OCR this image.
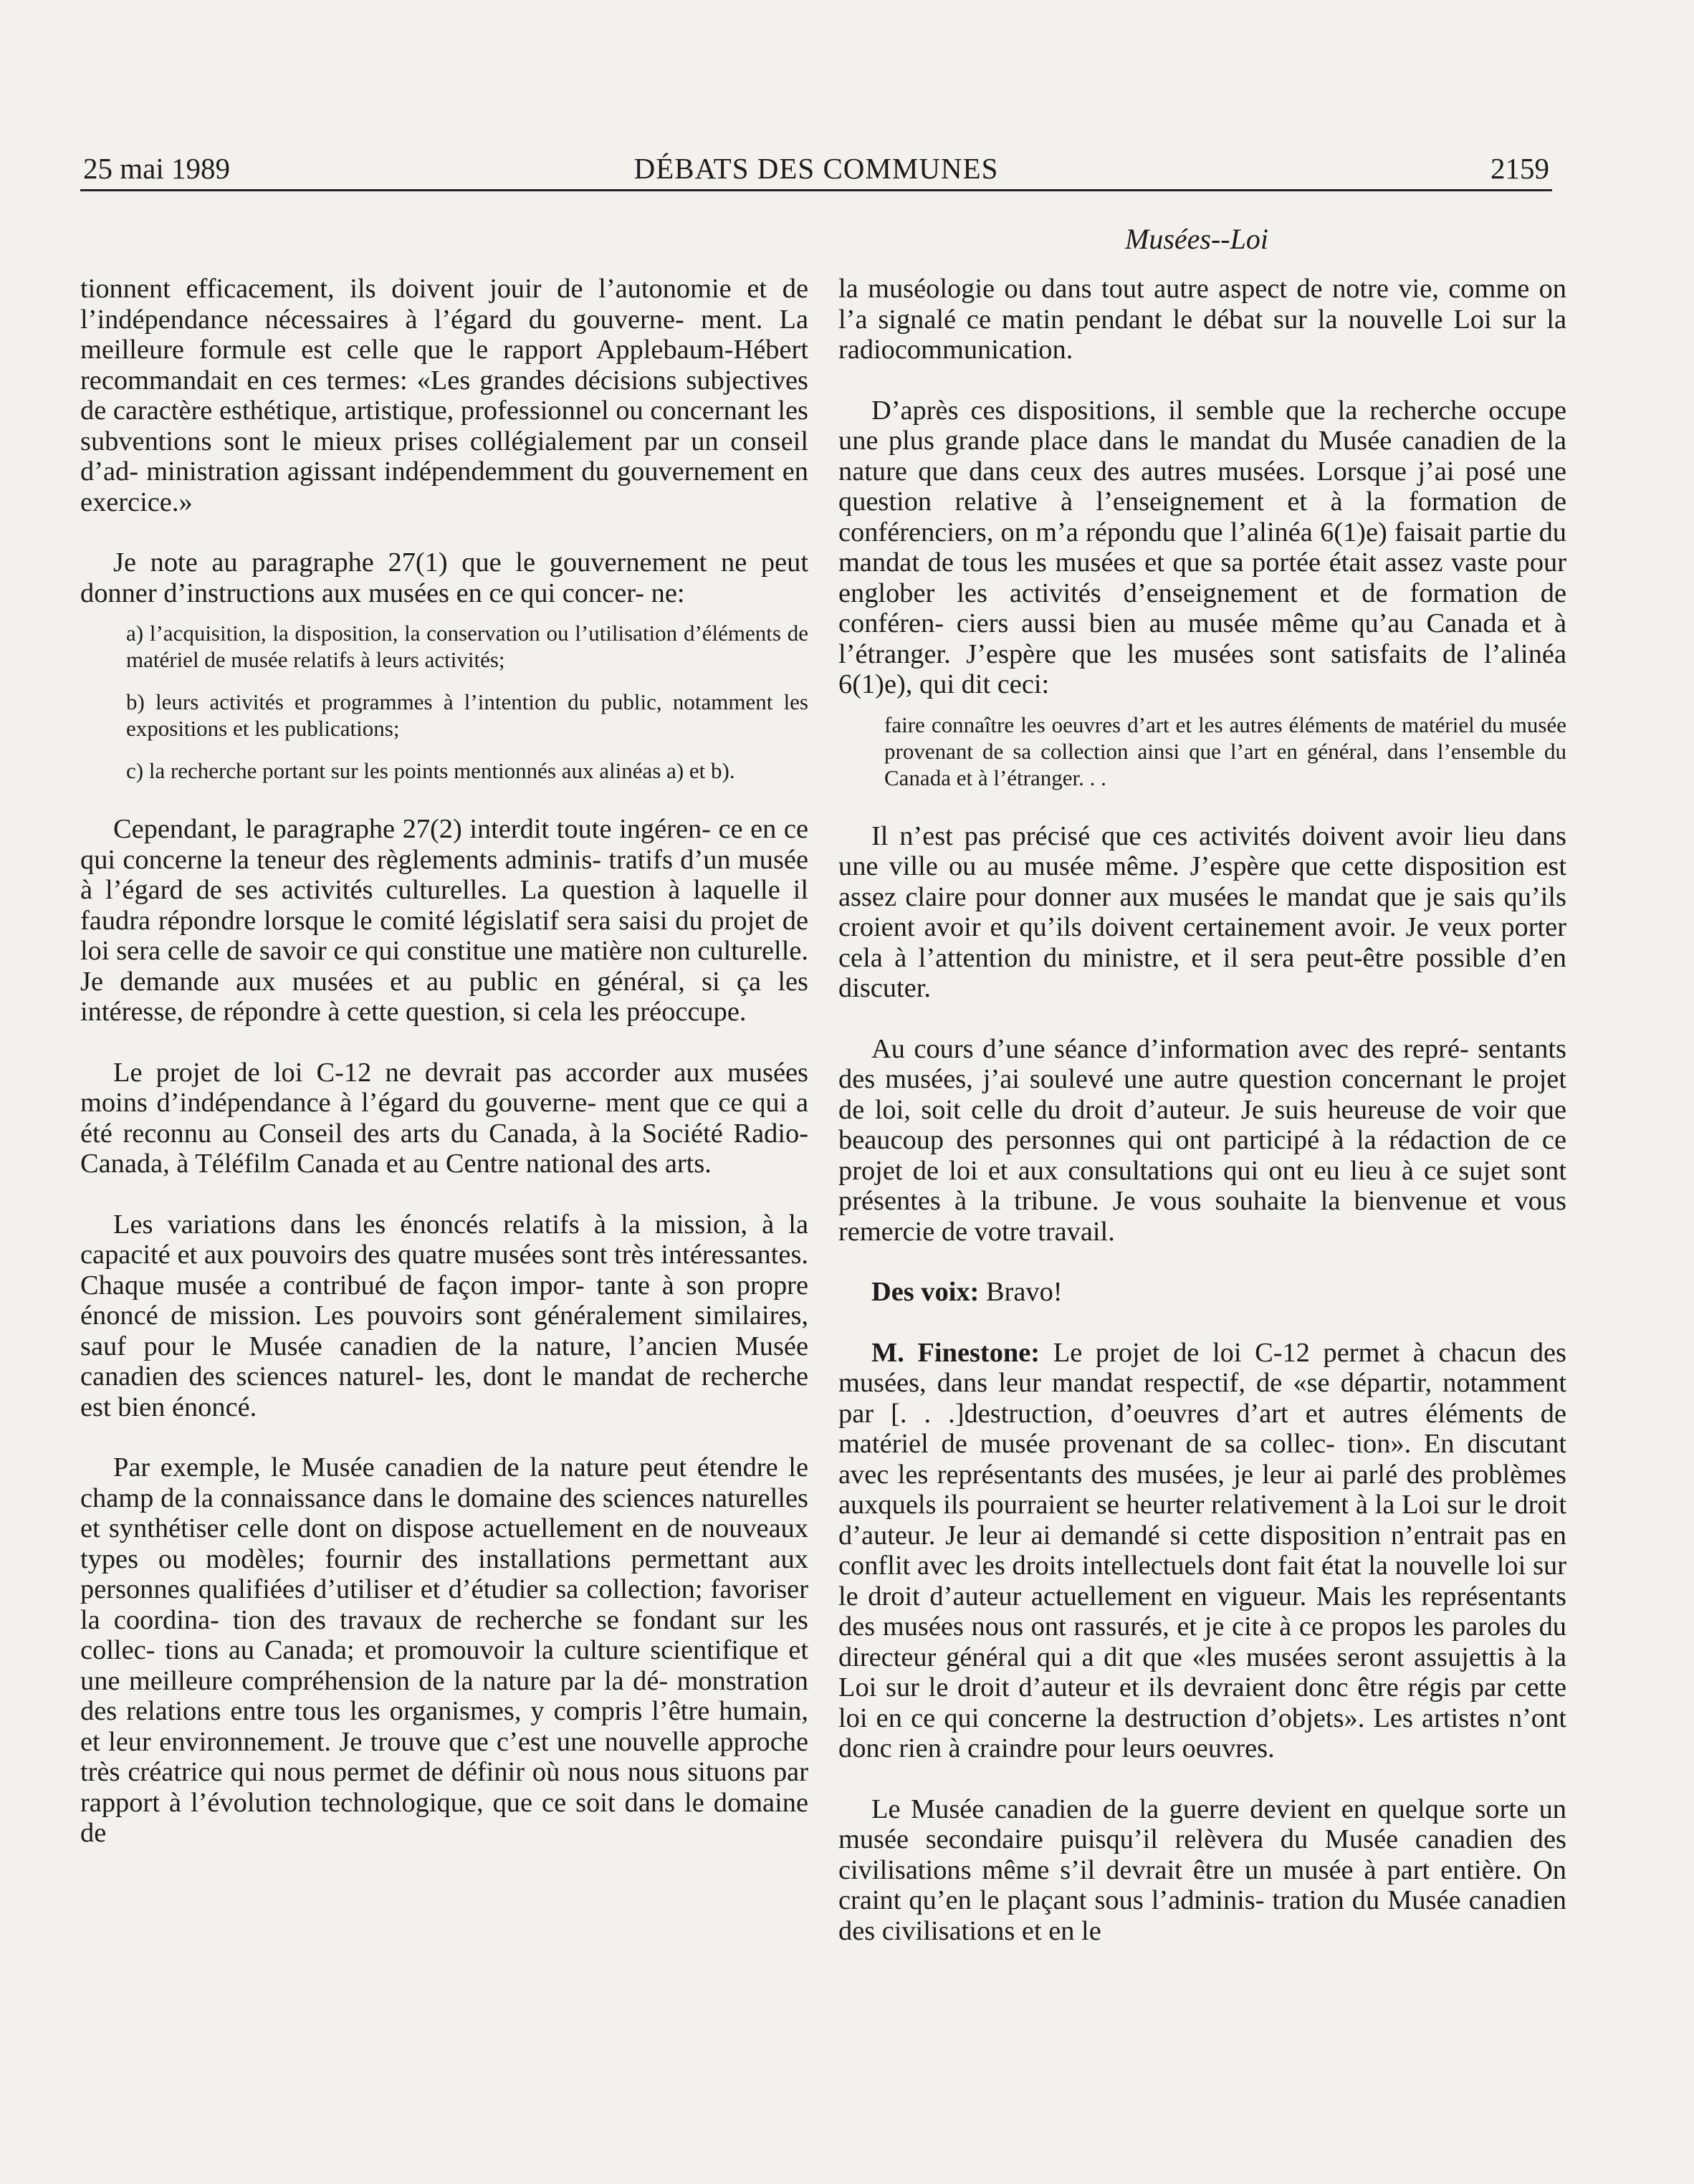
25 mai 1989	DÉBATS DES COMMUNES	2159
Musées--Loi

tionnent efficacement, ils doivent jouir de l’autonomie et de l’indépendance nécessaires à l’égard du gouverne- ment. La meilleure formule est celle que le rapport Applebaum-Hébert recommandait en ces termes: «Les grandes décisions subjectives de caractère esthétique, artistique, professionnel ou concernant les subventions sont le mieux prises collégialement par un conseil d’ad- ministration agissant indépendemment du gouvernement en exercice.»

Je note au paragraphe 27(1) que le gouvernement ne peut donner d’instructions aux musées en ce qui concer- ne:

a) l’acquisition, la disposition, la conservation ou l’utilisation d’éléments de matériel de musée relatifs à leurs activités;
b) leurs activités et programmes à l’intention du public, notamment les expositions et les publications;
c) la recherche portant sur les points mentionnés aux alinéas a) et b).

Cependant, le paragraphe 27(2) interdit toute ingéren- ce en ce qui concerne la teneur des règlements adminis- tratifs d’un musée à l’égard de ses activités culturelles. La question à laquelle il faudra répondre lorsque le comité législatif sera saisi du projet de loi sera celle de savoir ce qui constitue une matière non culturelle. Je demande aux musées et au public en général, si ça les intéresse, de répondre à cette question, si cela les préoccupe.

Le projet de loi C-12 ne devrait pas accorder aux musées moins d’indépendance à l’égard du gouverne- ment que ce qui a été reconnu au Conseil des arts du Canada, à la Société Radio-Canada, à Téléfilm Canada et au Centre national des arts.

Les variations dans les énoncés relatifs à la mission, à la capacité et aux pouvoirs des quatre musées sont très intéressantes. Chaque musée a contribué de façon impor- tante à son propre énoncé de mission. Les pouvoirs sont généralement similaires, sauf pour le Musée canadien de la nature, l’ancien Musée canadien des sciences naturel- les, dont le mandat de recherche est bien énoncé.

Par exemple, le Musée canadien de la nature peut étendre le champ de la connaissance dans le domaine des sciences naturelles et synthétiser celle dont on dispose actuellement en de nouveaux types ou modèles; fournir des installations permettant aux personnes qualifiées d’utiliser et d’étudier sa collection; favoriser la coordina- tion des travaux de recherche se fondant sur les collec- tions au Canada; et promouvoir la culture scientifique et une meilleure compréhension de la nature par la dé- monstration des relations entre tous les organismes, y compris l’être humain, et leur environnement. Je trouve que c’est une nouvelle approche très créatrice qui nous permet de définir où nous nous situons par rapport à l’évolution technologique, que ce soit dans le domaine de

la muséologie ou dans tout autre aspect de notre vie, comme on l’a signalé ce matin pendant le débat sur la nouvelle Loi sur la radiocommunication.

D’après ces dispositions, il semble que la recherche occupe une plus grande place dans le mandat du Musée canadien de la nature que dans ceux des autres musées. Lorsque j’ai posé une question relative à l’enseignement et à la formation de conférenciers, on m’a répondu que l’alinéa 6(1)e) faisait partie du mandat de tous les musées et que sa portée était assez vaste pour englober les activités d’enseignement et de formation de conféren- ciers aussi bien au musée même qu’au Canada et à l’étranger. J’espère que les musées sont satisfaits de l’alinéa 6(1)e), qui dit ceci:

faire connaître les oeuvres d’art et les autres éléments de matériel du musée provenant de sa collection ainsi que l’art en général, dans l’ensemble du Canada et à l’étranger. . .

Il n’est pas précisé que ces activités doivent avoir lieu dans une ville ou au musée même. J’espère que cette disposition est assez claire pour donner aux musées le mandat que je sais qu’ils croient avoir et qu’ils doivent certainement avoir. Je veux porter cela à l’attention du ministre, et il sera peut-être possible d’en discuter.

Au cours d’une séance d’information avec des repré- sentants des musées, j’ai soulevé une autre question concernant le projet de loi, soit celle du droit d’auteur. Je suis heureuse de voir que beaucoup des personnes qui ont participé à la rédaction de ce projet de loi et aux consultations qui ont eu lieu à ce sujet sont présentes à la tribune. Je vous souhaite la bienvenue et vous remercie de votre travail.

Des voix: Bravo!

M. Finestone: Le projet de loi C-12 permet à chacun des musées, dans leur mandat respectif, de «se départir, notamment par [. . .]destruction, d’oeuvres d’art et autres éléments de matériel de musée provenant de sa collec- tion». En discutant avec les représentants des musées, je leur ai parlé des problèmes auxquels ils pourraient se heurter relativement à la Loi sur le droit d’auteur. Je leur ai demandé si cette disposition n’entrait pas en conflit avec les droits intellectuels dont fait état la nouvelle loi sur le droit d’auteur actuellement en vigueur. Mais les représentants des musées nous ont rassurés, et je cite à ce propos les paroles du directeur général qui a dit que «les musées seront assujettis à la Loi sur le droit d’auteur et ils devraient donc être régis par cette loi en ce qui concerne la destruction d’objets». Les artistes n’ont donc rien à craindre pour leurs oeuvres.

Le Musée canadien de la guerre devient en quelque sorte un musée secondaire puisqu’il relèvera du Musée canadien des civilisations même s’il devrait être un musée à part entière. On craint qu’en le plaçant sous l’adminis- tration du Musée canadien des civilisations et en le
